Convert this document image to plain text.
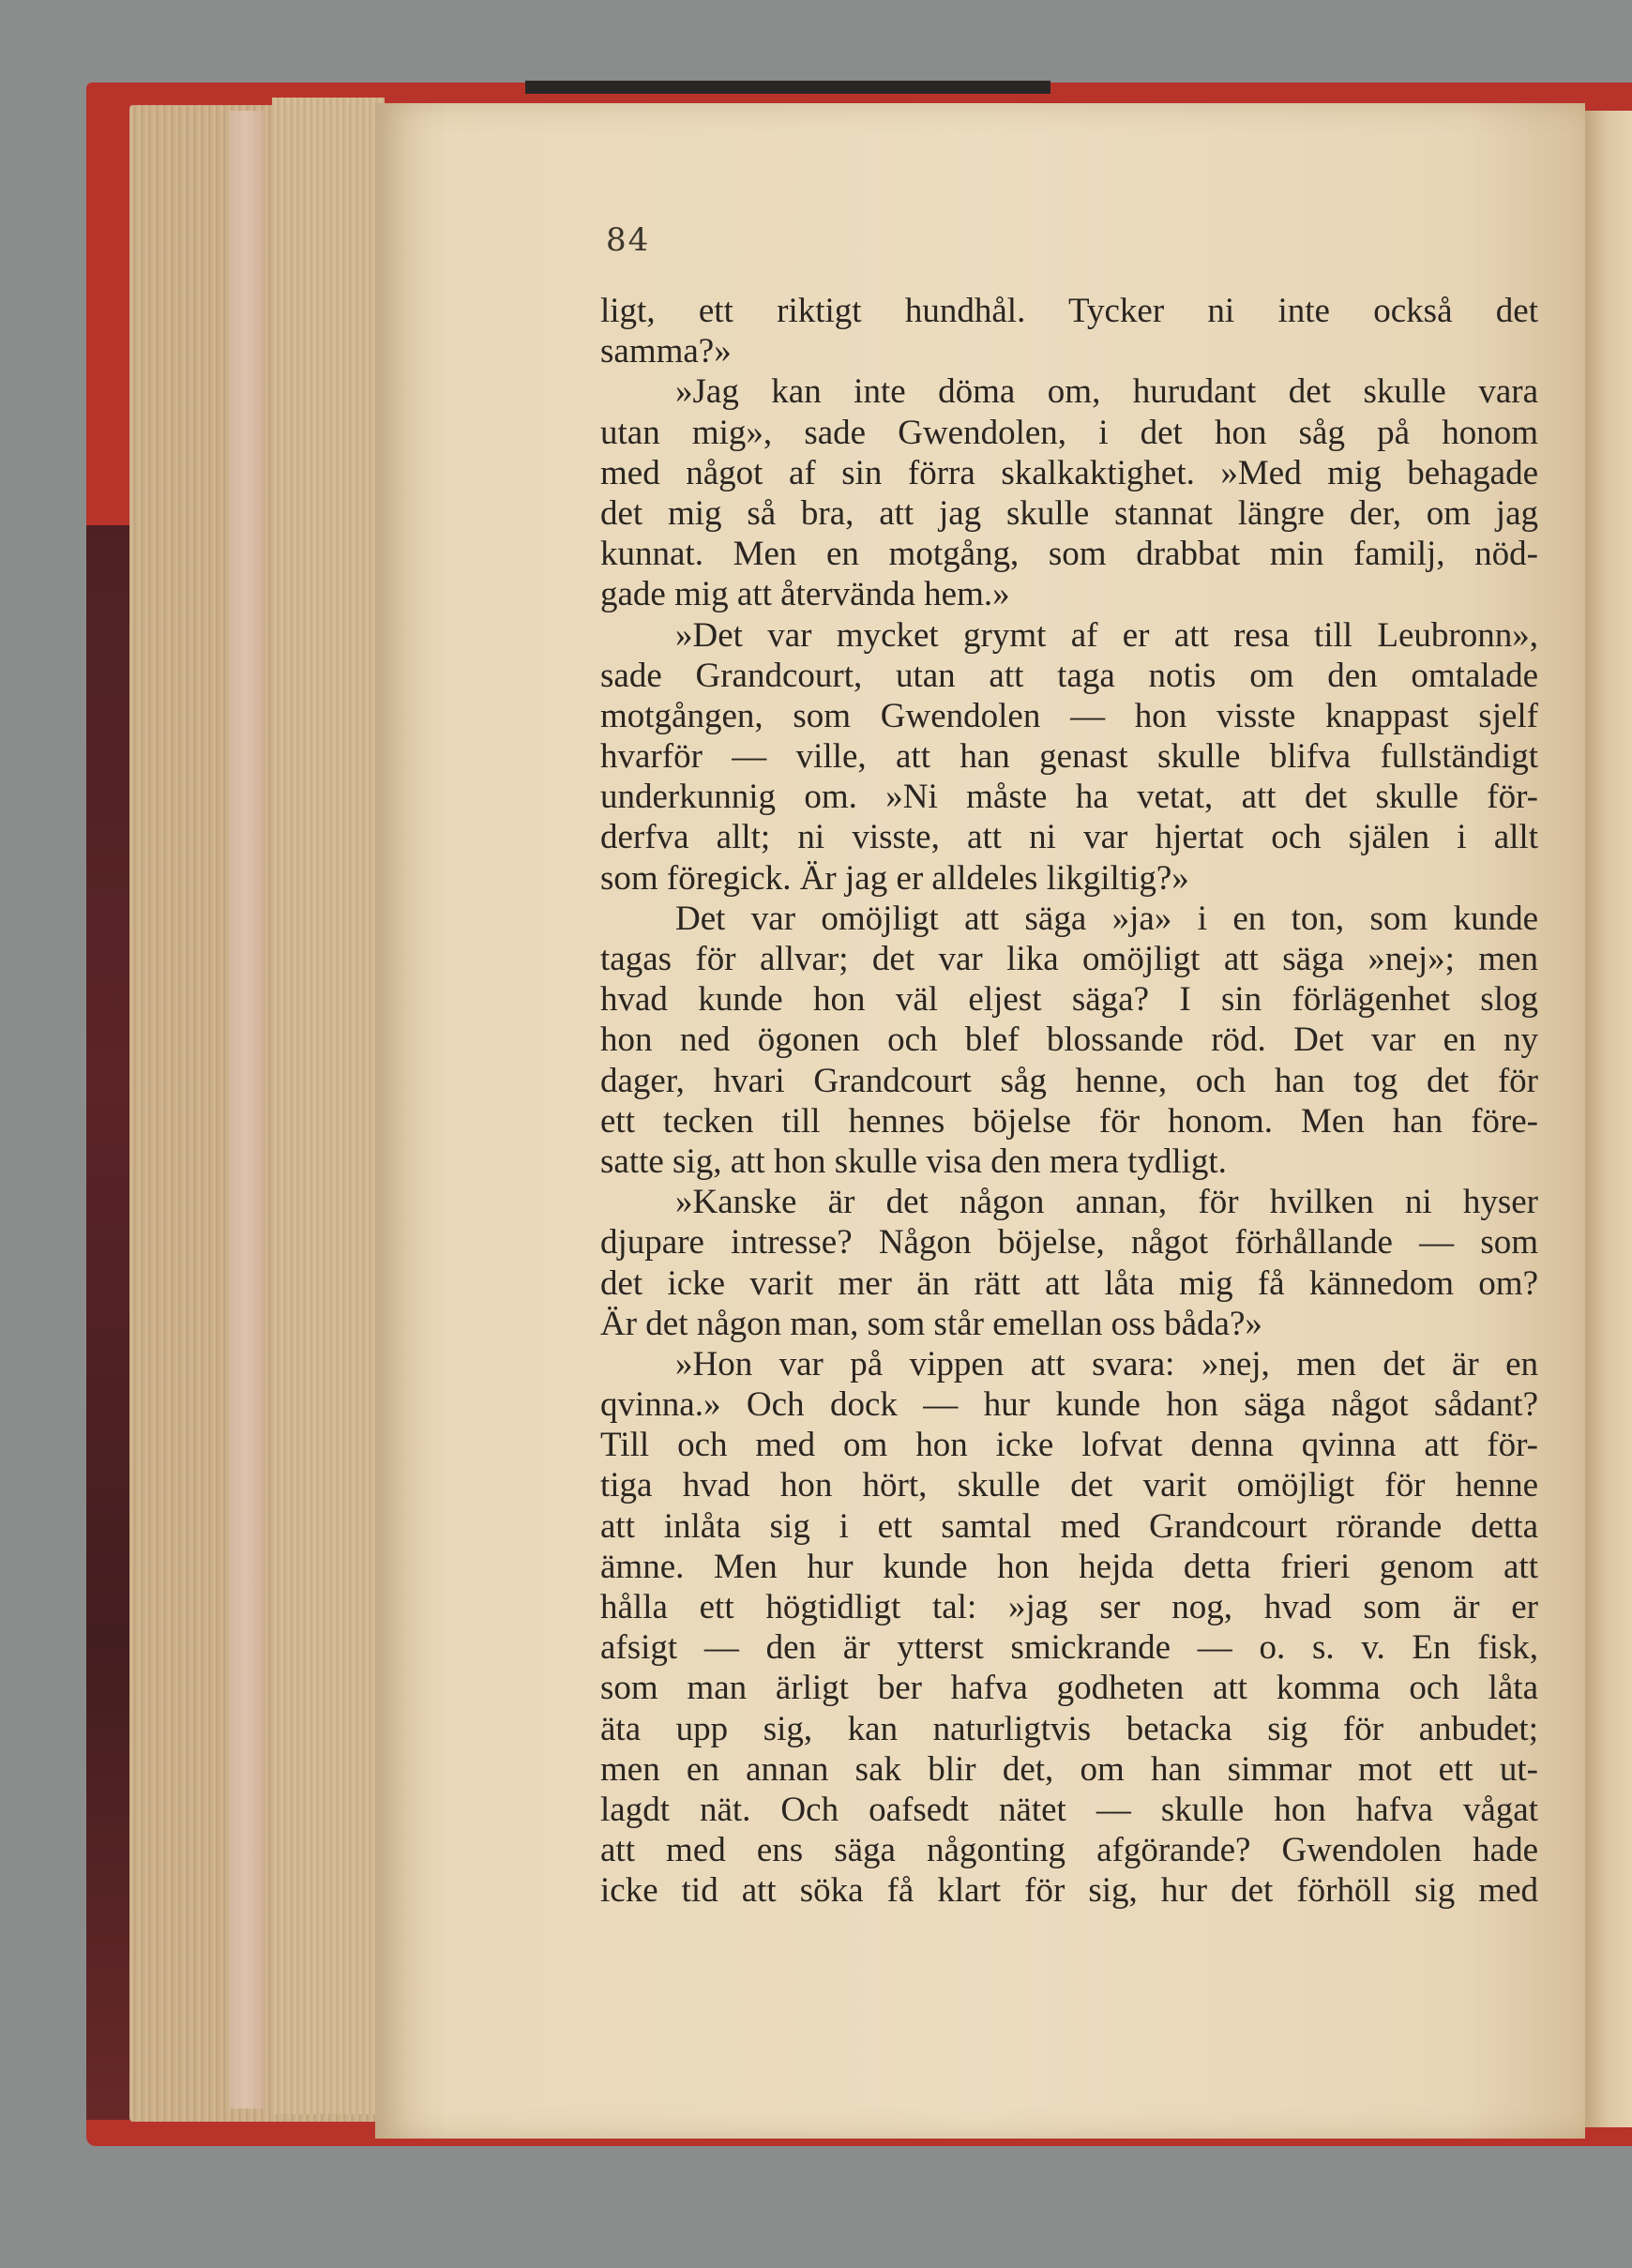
84
ligt, ett riktigt hundhål. Tycker ni inte också det
samma?»
»Jag kan inte döma om, hurudant det skulle vara
utan mig», sade Gwendolen, i det hon såg på honom
med något af sin förra skalkaktighet. »Med mig behagade
det mig så bra, att jag skulle stannat längre der, om jag
kunnat. Men en motgång, som drabbat min familj, nöd-
gade mig att återvända hem.»
»Det var mycket grymt af er att resa till Leubronn»,
sade Grandcourt, utan att taga notis om den omtalade
motgången, som Gwendolen — hon visste knappast sjelf
hvarför — ville, att han genast skulle blifva fullständigt
underkunnig om. »Ni måste ha vetat, att det skulle för-
derfva allt; ni visste, att ni var hjertat och själen i allt
som föregick. Är jag er alldeles likgiltig?»
Det var omöjligt att säga »ja» i en ton, som kunde
tagas för allvar; det var lika omöjligt att säga »nej»; men
hvad kunde hon väl eljest säga? I sin förlägenhet slog
hon ned ögonen och blef blossande röd. Det var en ny
dager, hvari Grandcourt såg henne, och han tog det för
ett tecken till hennes böjelse för honom. Men han före-
satte sig, att hon skulle visa den mera tydligt.
»Kanske är det någon annan, för hvilken ni hyser
djupare intresse? Någon böjelse, något förhållande — som
det icke varit mer än rätt att låta mig få kännedom om?
Är det någon man, som står emellan oss båda?»
»Hon var på vippen att svara: »nej, men det är en
qvinna.» Och dock — hur kunde hon säga något sådant?
Till och med om hon icke lofvat denna qvinna att för-
tiga hvad hon hört, skulle det varit omöjligt för henne
att inlåta sig i ett samtal med Grandcourt rörande detta
ämne. Men hur kunde hon hejda detta frieri genom att
hålla ett högtidligt tal: »jag ser nog, hvad som är er
afsigt — den är ytterst smickrande — o. s. v. En fisk,
som man ärligt ber hafva godheten att komma och låta
äta upp sig, kan naturligtvis betacka sig för anbudet;
men en annan sak blir det, om han simmar mot ett ut-
lagdt nät. Och oafsedt nätet — skulle hon hafva vågat
att med ens säga någonting afgörande? Gwendolen hade
icke tid att söka få klart för sig, hur det förhöll sig med
